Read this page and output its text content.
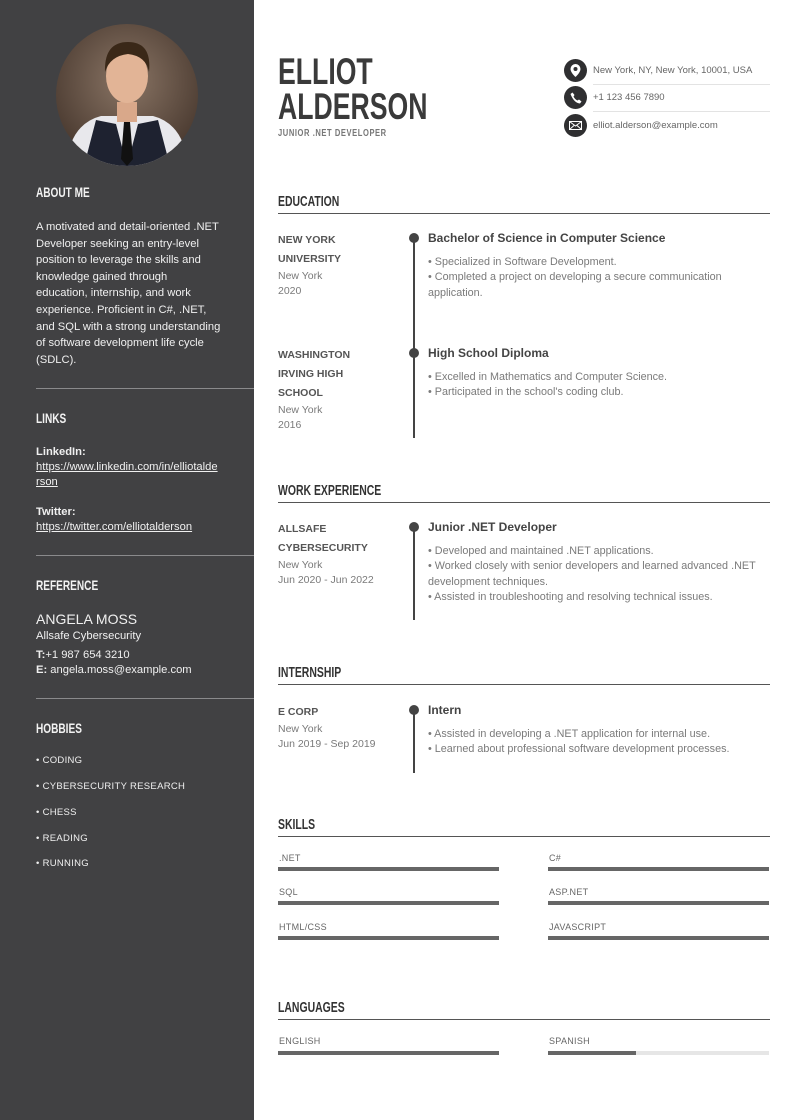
ABOUT ME
A motivated and detail-oriented .NET Developer seeking an entry-level position to leverage the skills and knowledge gained through education, internship, and work experience. Proficient in C#, .NET, and SQL with a strong understanding of software development life cycle (SDLC).
LINKS
LinkedIn:

https://www.linkedin.com/in/elliotalderson
Twitter:
https://twitter.com/elliotalderson
REFERENCE
ANGELA MOSS
Allsafe Cybersecurity
T:+1 987 654 3210
E: angela.moss@example.com
HOBBIES
• CODING
• CYBERSECURITY RESEARCH
• CHESS
• READING
• RUNNING
ELLIOT
ALDERSON
JUNIOR .NET DEVELOPER
New York, NY, New York, 10001, USA
+1 123 456 7890
elliot.alderson@example.com
EDUCATION
NEW YORK UNIVERSITY
New York
2020
Bachelor of Science in Computer Science
• Specialized in Software Development.
• Completed a project on developing a secure communication application.
WASHINGTON IRVING HIGH SCHOOL
New York
2016
High School Diploma
• Excelled in Mathematics and Computer Science.
• Participated in the school's coding club.
WORK EXPERIENCE
ALLSAFE CYBERSECURITY
New York
Jun 2020 - Jun 2022
Junior .NET Developer
• Developed and maintained .NET applications.
• Worked closely with senior developers and learned advanced .NET development techniques.
• Assisted in troubleshooting and resolving technical issues.
INTERNSHIP
E CORP
New York
Jun 2019 - Sep 2019
Intern
• Assisted in developing a .NET application for internal use.
• Learned about professional software development processes.
SKILLS
.NET	C#
SQL	ASP.NET
HTML/CSS	JAVASCRIPT
LANGUAGES
ENGLISH	SPANISH
